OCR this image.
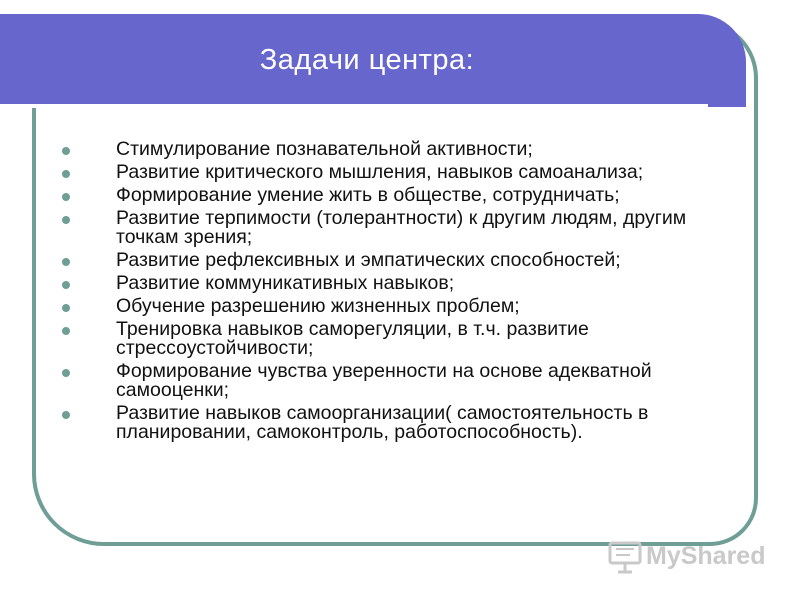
Задачи центра:
Стимулирование познавательной активности;
Развитие критического мышления, навыков самоанализа;
Формирование умение жить в обществе, сотрудничать;
Развитие терпимости (толерантности) к другим людям, другим точкам зрения;
Развитие рефлексивных и эмпатических способностей;
Развитие коммуникативных навыков;
Обучение разрешению жизненных проблем;
Тренировка навыков саморегуляции, в т.ч. развитие стрессоустойчивости;
Формирование чувства уверенности на основе адекватной самооценки;
Развитие навыков самоорганизации( самостоятельность в планировании, самоконтроль, работоспособность).
MyShared
